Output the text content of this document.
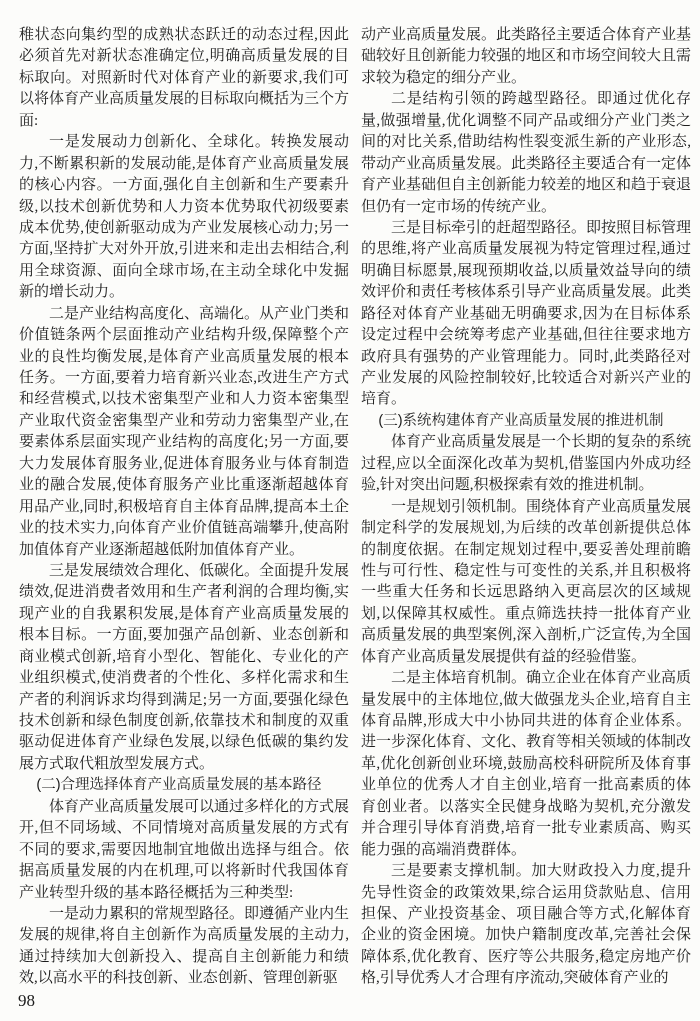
稚状态向集约型的成熟状态跃迁的动态过程,因此必须首先对新状态准确定位,明确高质量发展的目标取向。对照新时代对体育产业的新要求,我们可以将体育产业高质量发展的目标取向概括为三个方面:

一是发展动力创新化、全球化。转换发展动力,不断累积新的发展动能,是体育产业高质量发展的核心内容。一方面,强化自主创新和生产要素升级,以技术创新优势和人力资本优势取代初级要素成本优势,使创新驱动成为产业发展核心动力;另一方面,坚持扩大对外开放,引进来和走出去相结合,利用全球资源、面向全球市场,在主动全球化中发掘新的增长动力。

二是产业结构高度化、高端化。从产业门类和价值链条两个层面推动产业结构升级,保障整个产业的良性均衡发展,是体育产业高质量发展的根本任务。一方面,要着力培育新兴业态,改进生产方式和经营模式,以技术密集型产业和人力资本密集型产业取代资金密集型产业和劳动力密集型产业,在要素体系层面实现产业结构的高度化;另一方面,要大力发展体育服务业,促进体育服务业与体育制造业的融合发展,使体育服务产业比重逐渐超越体育用品产业,同时,积极培育自主体育品牌,提高本土企业的技术实力,向体育产业价值链高端攀升,使高附加值体育产业逐渐超越低附加值体育产业。

三是发展绩效合理化、低碳化。全面提升发展绩效,促进消费者效用和生产者利润的合理均衡,实现产业的自我累积发展,是体育产业高质量发展的根本目标。一方面,要加强产品创新、业态创新和商业模式创新,培育小型化、智能化、专业化的产业组织模式,使消费者的个性化、多样化需求和生产者的利润诉求均得到满足;另一方面,要强化绿色技术创新和绿色制度创新,依靠技术和制度的双重驱动促进体育产业绿色发展,以绿色低碳的集约发展方式取代粗放型发展方式。

(二)合理选择体育产业高质量发展的基本路径

体育产业高质量发展可以通过多样化的方式展开,但不同场域、不同情境对高质量发展的方式有不同的要求,需要因地制宜地做出选择与组合。依据高质量发展的内在机理,可以将新时代我国体育产业转型升级的基本路径概括为三种类型:

一是动力累积的常规型路径。即遵循产业内生发展的规律,将自主创新作为高质量发展的主动力,通过持续加大创新投入、提高自主创新能力和绩效,以高水平的科技创新、业态创新、管理创新驱

动产业高质量发展。此类路径主要适合体育产业基础较好且创新能力较强的地区和市场空间较大且需求较为稳定的细分产业。

二是结构引领的跨越型路径。即通过优化存量,做强增量,优化调整不同产品或细分产业门类之间的对比关系,借助结构性裂变派生新的产业形态,带动产业高质量发展。此类路径主要适合有一定体育产业基础但自主创新能力较差的地区和趋于衰退但仍有一定市场的传统产业。

三是目标牵引的赶超型路径。即按照目标管理的思维,将产业高质量发展视为特定管理过程,通过明确目标愿景,展现预期收益,以质量效益导向的绩效评价和责任考核体系引导产业高质量发展。此类路径对体育产业基础无明确要求,因为在目标体系设定过程中会统筹考虑产业基础,但往往要求地方政府具有强势的产业管理能力。同时,此类路径对产业发展的风险控制较好,比较适合对新兴产业的培育。

(三)系统构建体育产业高质量发展的推进机制

体育产业高质量发展是一个长期的复杂的系统过程,应以全面深化改革为契机,借鉴国内外成功经验,针对突出问题,积极探索有效的推进机制。

一是规划引领机制。围绕体育产业高质量发展制定科学的发展规划,为后续的改革创新提供总体的制度依据。在制定规划过程中,要妥善处理前瞻性与可行性、稳定性与可变性的关系,并且积极将一些重大任务和长远思路纳入更高层次的区域规划,以保障其权威性。重点筛选扶持一批体育产业高质量发展的典型案例,深入剖析,广泛宣传,为全国体育产业高质量发展提供有益的经验借鉴。

二是主体培育机制。确立企业在体育产业高质量发展中的主体地位,做大做强龙头企业,培育自主体育品牌,形成大中小协同共进的体育企业体系。进一步深化体育、文化、教育等相关领域的体制改革,优化创新创业环境,鼓励高校科研院所及体育事业单位的优秀人才自主创业,培育一批高素质的体育创业者。以落实全民健身战略为契机,充分激发并合理引导体育消费,培育一批专业素质高、购买能力强的高端消费群体。

三是要素支撑机制。加大财政投入力度,提升先导性资金的政策效果,综合运用贷款贴息、信用担保、产业投资基金、项目融合等方式,化解体育企业的资金困境。加快户籍制度改革,完善社会保障体系,优化教育、医疗等公共服务,稳定房地产价格,引导优秀人才合理有序流动,突破体育产业的

98
